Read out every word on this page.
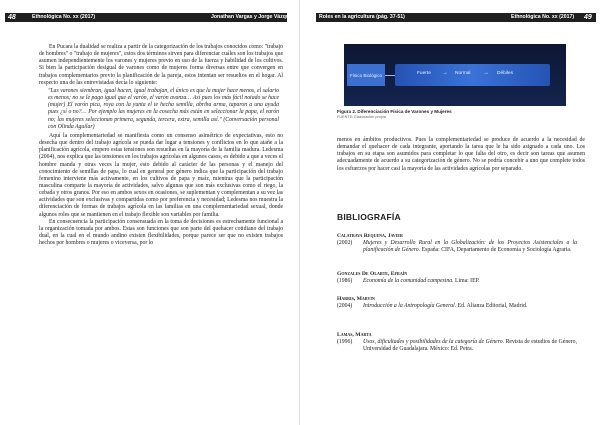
48	Ethnológica No. xx (2017)	Jonathan Vargas y Jorge Vázquez

En Pucara la dualidad se realiza a partir de la categorización de los trabajos conocidos como: "trabajo de hombres" o "trabajo de mujeres", estos dos términos sirven para diferenciar cuáles son los trabajos que asumen independientemente los varones y mujeres previo en uso de la fuerza y habilidad de los cultivos. Si bien la participación desigual de varones como de mujeres forma diversas entre que convergen en trabajos complementarios previo la planificación de la pareja, estos intentan ser resueltos en el hogar. Al respecto una de las entrevistadas decía lo siguiente:

"Las varones siembran, igual hacen, igual trabajan, el único es que la mujer hace menos, el salario es menos; no se le paga igual que el varón, el varón avanza… Así pues los más fácil notado se hace (mujer) El varón pica, roya con la yunta el te hecha semilla, abriha arma, taparon a una ayuda pues ¿sí o no?… Por ejemplo las mujeres en la cosecha más están en seleccionar la papa, el varón no; las mujeres seleccionan primera, segunda, tercera, extra, semilla así." (Conversación personal con Olinda Aguilar)

Aquí la complementariedad se manifiesta como un consenso asimétrico de expectativas, esto no desecha que dentro del trabajo agrícola se pueda dar lugar a tensiones y conflictos en lo que atañe a la planificación agrícola, empero estas tensiones son resueltas en la mayoría de la familia madura. Ledesma (2004), nos explica que las tensiones en los trabajos agrícolas en algunos casos, es debido a que a veces el hombre manda y otras veces la mujer, esto debido al carácter de las personas y el manejo del conocimiento de semillas de papa, lo cual en general por género indica que la participación del trabajo femenino interviene más activamente, en los cultivos de papa y maíz, mientras que la participación masculina comparte la mayoría de actividades, salvo algunas que son más exclusivas como el riego, la cebada y otros granos. Por eso en ambos sexos en ocasiones, se suplementan y complementan a su vez las actividades que son exclusivas y compartidas como por preferencia y necesidad; Ledesma nos muestra la diferenciación de formas de trabajos agrícola en las familias en una complementariedad sexual, donde algunos roles que se mantienen en el trabajo flexible son variables por familia.

En consecuencia la participación consensuada en la toma de decisiones es estrechamente funcional a la organización tomada por ambos. Estas son funciones que son parte del quehacer cotidiano del trabajo dual, en la cual en el mundo andino existen flexibilidades, porque parece ser que no existen trabajos hechos por hombres o mujeres o viceversa, por lo

Roles en la agricultura (pág. 37-51)	Ethnológica No. xx (2017) 49
Físico Biológico	Fuerte → Normal → Débiles
Figura 2. Diferenciación Física de Varones y Mujeres
FUENTE: Elaboración propia

menos en ámbitos productivos. Pues la complementariedad se produce de acuerdo a la necesidad de demandar el quehacer de cada integrante, aportando la tarea que le ha sido asignado a cada uno. Los trabajos en su etapa son asumidos para completar lo que falta del otro, es decir son tareas que asumen adecuadamente de acuerdo a su categorización de género. No se podría concebir a uno que complete todos los esfuerzos por hacer casi la mayoría de las actividades agrícolas por separado.

BIBLIOGRAFÍA
Calatrava Requena, Javier
(2002)	Mujeres y Desarrollo Rural en la Globalización: de los Proyectos Asistenciales a la planificación de Género. España: CIFA, Departamento de Economía y Sociología Agraria.
Gonzales De Olarte, Efraín
(1986)	Economía de la comunidad campesina. Lima: IEP.
Harris, Marvin
(2004)	Introducción a la Antropología General. Ed. Alianza Editorial, Madrid.
Lamas, Marta
(1996)	Usos, dificultades y posibilidades de la categoría de Género. Revista de estudios de Género, Universidad de Guadalajara. México: Ed. Petra.
